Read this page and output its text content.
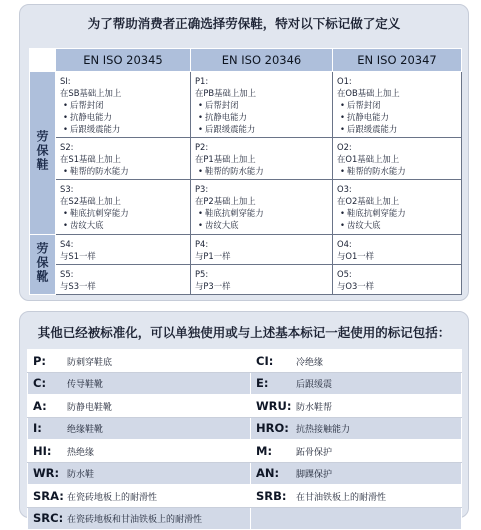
为了帮助消费者正确选择劳保鞋，特对以下标记做了定义
	EN ISO 20345	EN ISO 20346	EN ISO 20347
劳保鞋	SI:
在SB基础上加上
• 后帮封闭
• 抗静电能力
• 后跟缓震能力	P1:
在PB基础上加上
• 后帮封闭
• 抗静电能力
• 后跟缓震能力	O1:
在OB基础上加上
• 后帮封闭
• 抗静电能力
• 后跟缓震能力

	S2:
在S1基础上加上
• 鞋帮的防水能力	P2:
在P1基础上加上
• 鞋帮的防水能力	O2:
在O1基础上加上
• 鞋帮的防水能力

	S3:
在S2基础上加上
• 鞋底抗刺穿能力
• 齿纹大底	P3:
在P2基础上加上
• 鞋底抗刺穿能力
• 齿纹大底	O3:
在O2基础上加上
• 鞋底抗刺穿能力
• 齿纹大底

劳保靴	S4:
与S1一样	P4:
与P1一样	O4:
与O1一样

	S5:
与S3一样	P5:
与P3一样	O5:
与O3一样
其他已经被标准化，可以单独使用或与上述基本标记一起使用的标记包括：
P: 防刺穿鞋底	CI: 冷绝缘
C: 传导鞋靴	E: 后跟缓震
A: 防静电鞋靴	WRU: 防水鞋帮
I: 绝缘鞋靴	HRO: 抗热接触能力
HI: 热绝缘	M: 跖骨保护
WR: 防水鞋	AN: 脚踝保护
SRA: 在瓷砖地板上的耐滑性	SRB: 在甘油铁板上的耐滑性
SRC: 在瓷砖地板和甘油铁板上的耐滑性	
